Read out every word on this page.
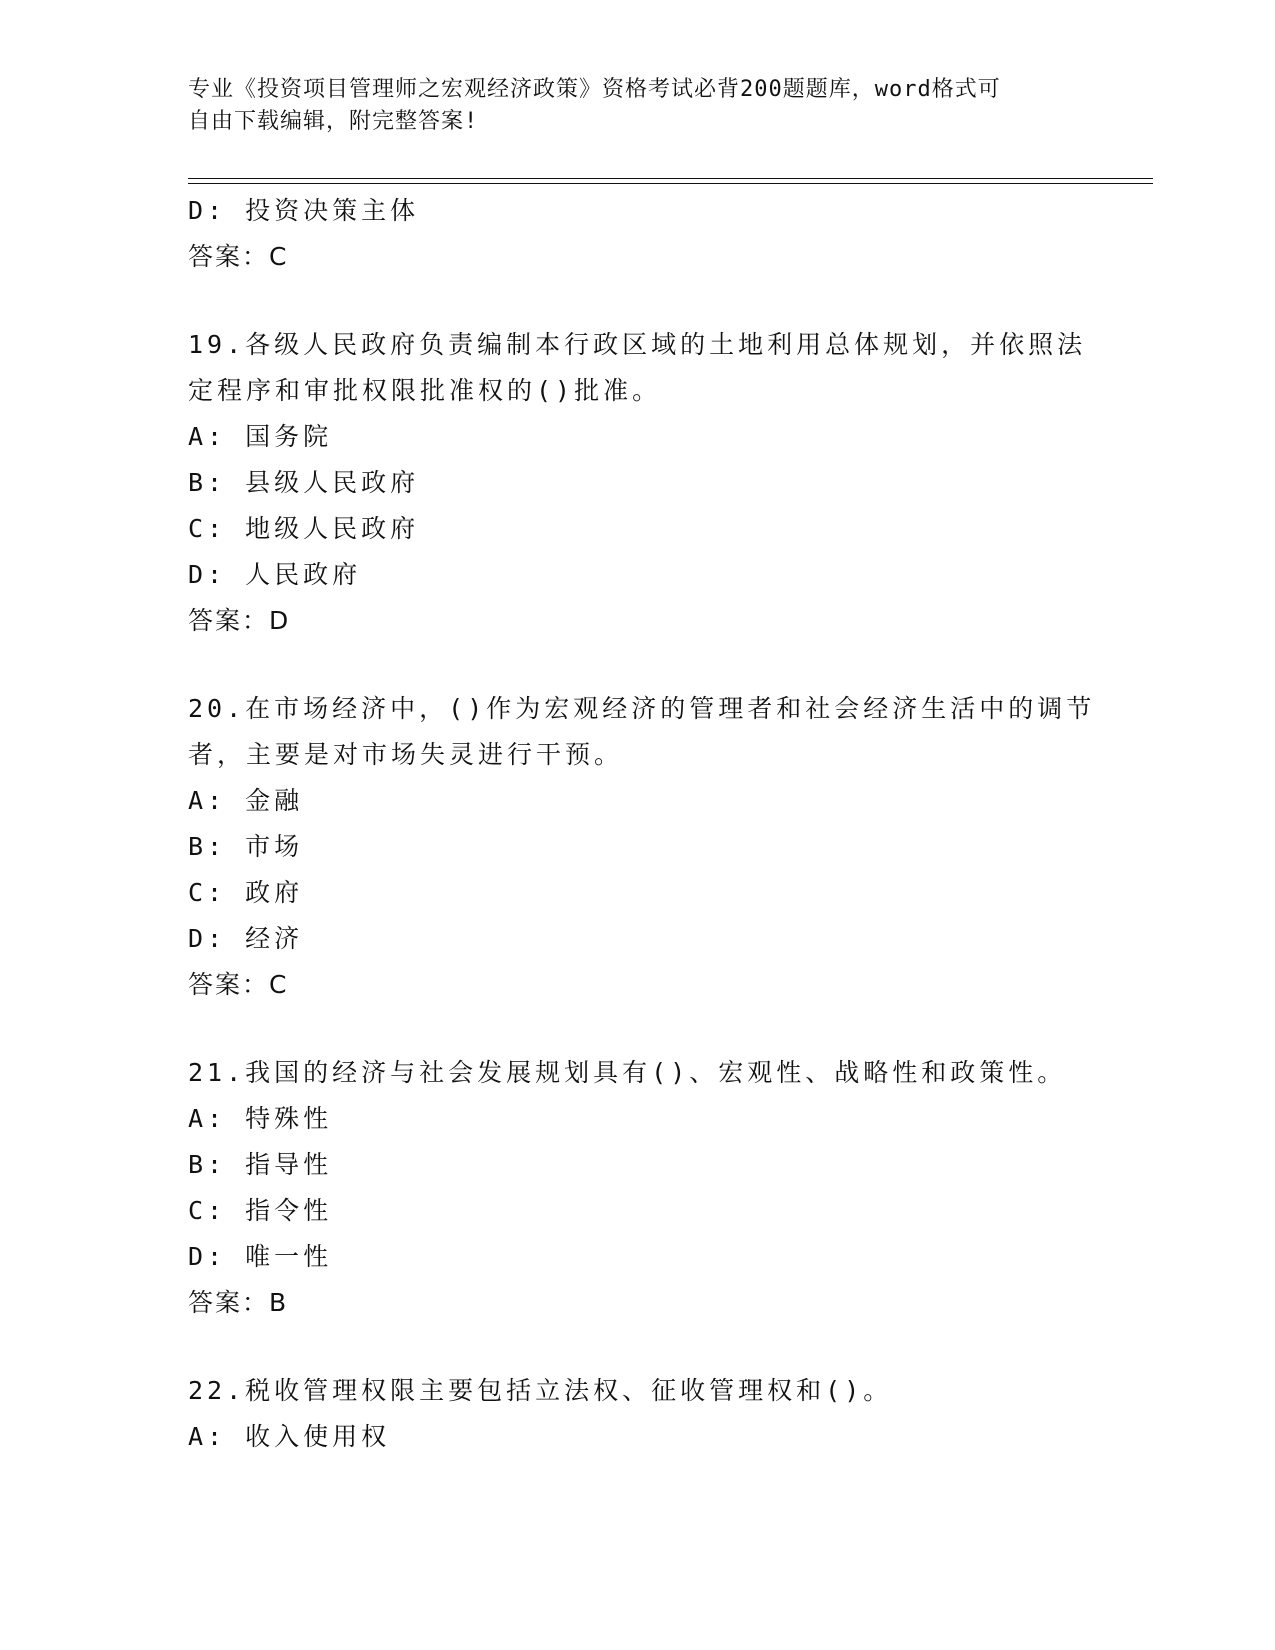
专业《投资项目管理师之宏观经济政策》资格考试必背200题题库，word格式可
自由下载编辑，附完整答案!
D: 投资决策主体
答案：C
19.各级人民政府负责编制本行政区域的土地利用总体规划，并依照法
定程序和审批权限批准权的()批准。
A: 国务院
B: 县级人民政府
C: 地级人民政府
D: 人民政府
答案：D
20.在市场经济中，()作为宏观经济的管理者和社会经济生活中的调节
者，主要是对市场失灵进行干预。
A: 金融
B: 市场
C: 政府
D: 经济
答案：C
21.我国的经济与社会发展规划具有()、宏观性、战略性和政策性。
A: 特殊性
B: 指导性
C: 指令性
D: 唯一性
答案：B
22.税收管理权限主要包括立法权、征收管理权和()。
A: 收入使用权
